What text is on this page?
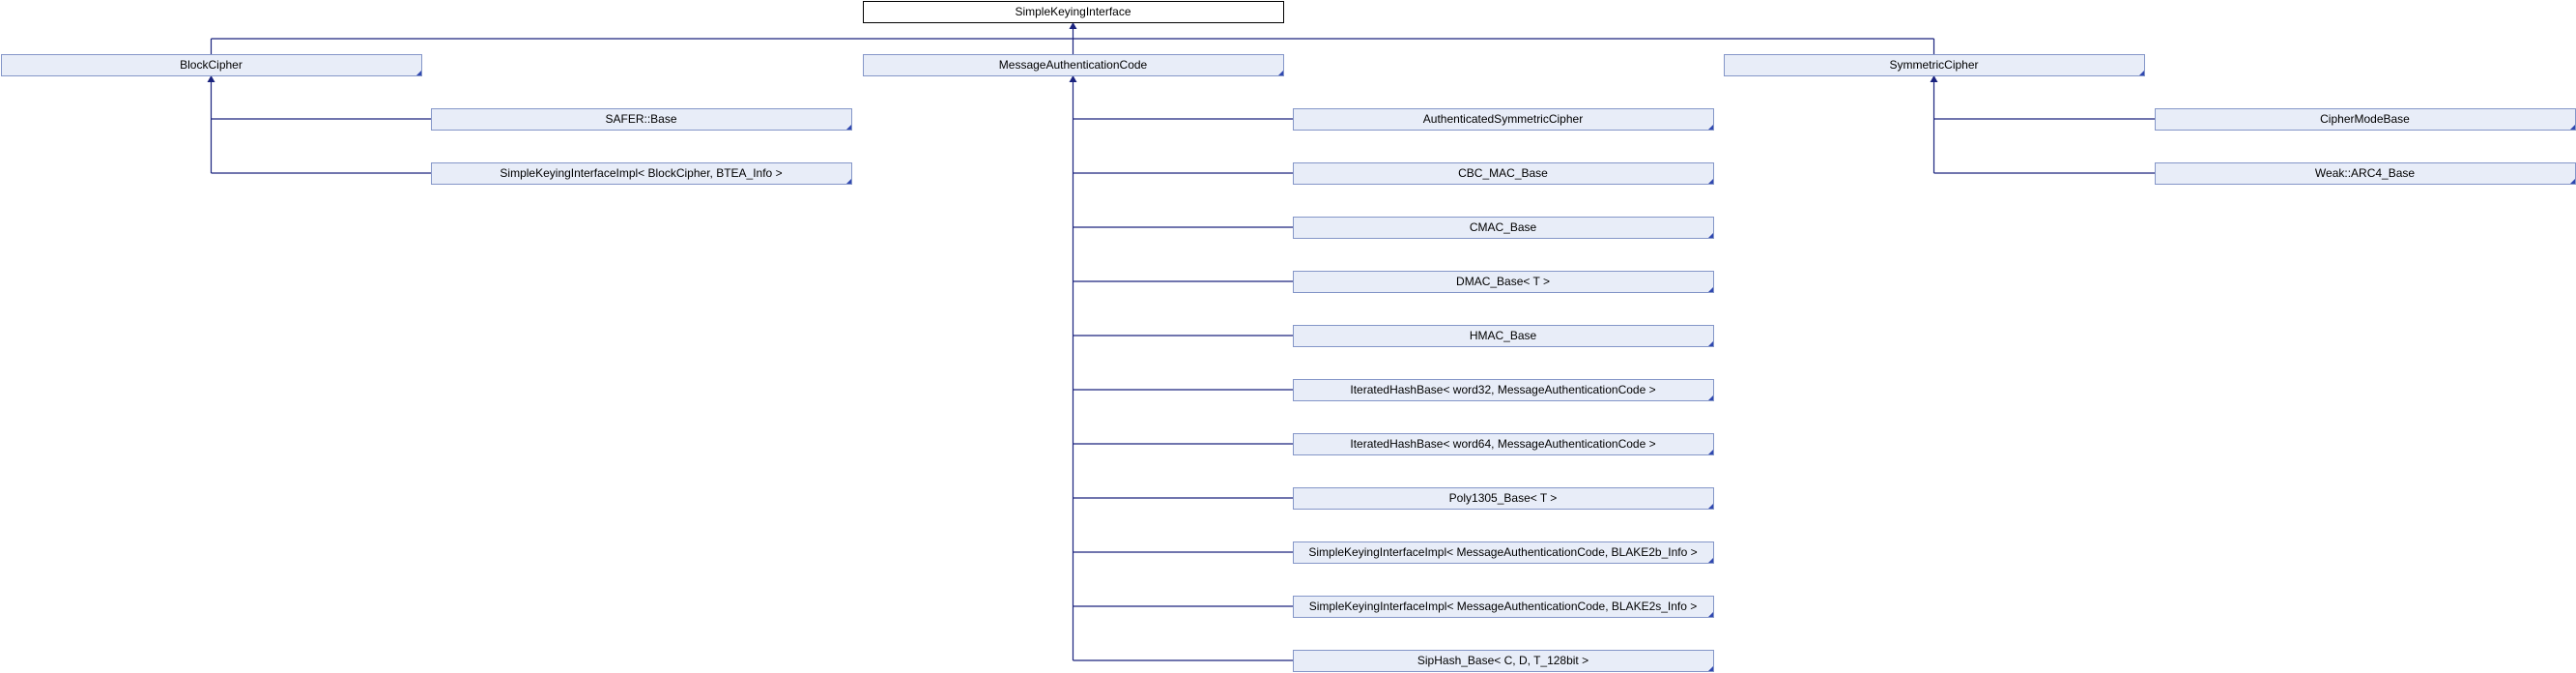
SimpleKeyingInterface
BlockCipher	MessageAuthenticationCode	SymmetricCipher
SAFER::Base
SimpleKeyingInterfaceImpl< BlockCipher, BTEA_Info >
AuthenticatedSymmetricCipher
CBC_MAC_Base
CMAC_Base
DMAC_Base< T >
HMAC_Base
IteratedHashBase< word32, MessageAuthenticationCode >
IteratedHashBase< word64, MessageAuthenticationCode >
Poly1305_Base< T >
SimpleKeyingInterfaceImpl< MessageAuthenticationCode, BLAKE2b_Info >
SimpleKeyingInterfaceImpl< MessageAuthenticationCode, BLAKE2s_Info >
SipHash_Base< C, D, T_128bit >
CipherModeBase
Weak::ARC4_Base
